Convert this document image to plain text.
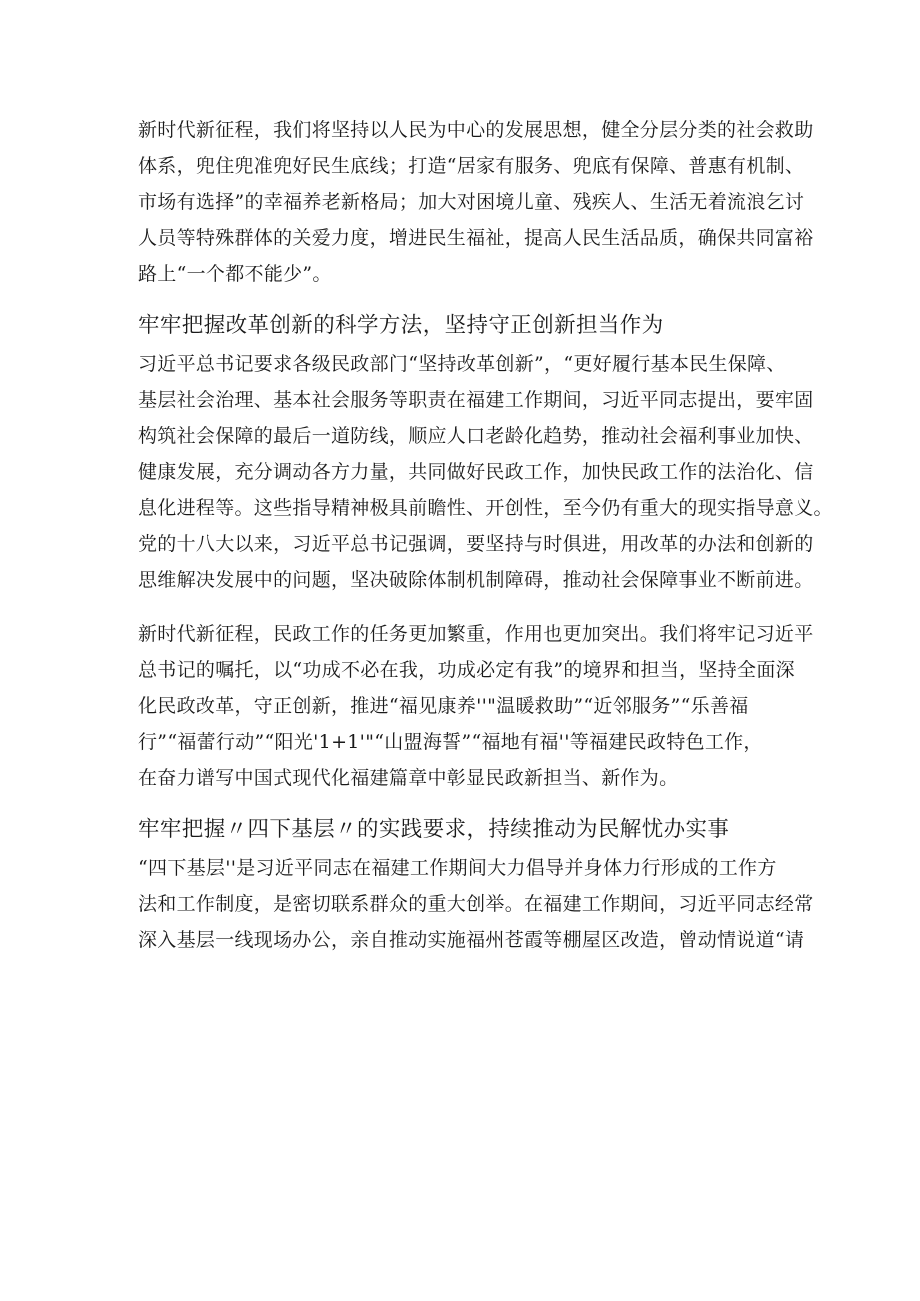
新时代新征程，我们将坚持以人民为中心的发展思想，健全分层分类的社会救助
体系，兜住兜准兜好民生底线；打造“居家有服务、兜底有保障、普惠有机制、
市场有选择”的幸福养老新格局；加大对困境儿童、残疾人、生活无着流浪乞讨
人员等特殊群体的关爱力度，增进民生福祉，提高人民生活品质，确保共同富裕
路上“一个都不能少”。
牢牢把握改革创新的科学方法，坚持守正创新担当作为
习近平总书记要求各级民政部门“坚持改革创新”，“更好履行基本民生保障、
基层社会治理、基本社会服务等职责在福建工作期间，习近平同志提出，要牢固
构筑社会保障的最后一道防线，顺应人口老龄化趋势，推动社会福利事业加快、
健康发展，充分调动各方力量，共同做好民政工作，加快民政工作的法治化、信
息化进程等。这些指导精神极具前瞻性、开创性，至今仍有重大的现实指导意义。
党的十八大以来，习近平总书记强调，要坚持与时俱进，用改革的办法和创新的
思维解决发展中的问题，坚决破除体制机制障碍，推动社会保障事业不断前进。
新时代新征程，民政工作的任务更加繁重，作用也更加突出。我们将牢记习近平
总书记的嘱托，以“功成不必在我，功成必定有我”的境界和担当，坚持全面深
化民政改革，守正创新，推进“福见康养''"温暖救助”“近邻服务”“乐善福
行”“福蕾行动”“阳光'1+1'"“山盟海誓”“福地有福''等福建民政特色工作，
在奋力谱写中国式现代化福建篇章中彰显民政新担当、新作为。
牢牢把握〃四下基层〃的实践要求，持续推动为民解忧办实事
“四下基层''是习近平同志在福建工作期间大力倡导并身体力行形成的工作方
法和工作制度，是密切联系群众的重大创举。在福建工作期间，习近平同志经常
深入基层一线现场办公，亲自推动实施福州苍霞等棚屋区改造，曾动情说道“请
